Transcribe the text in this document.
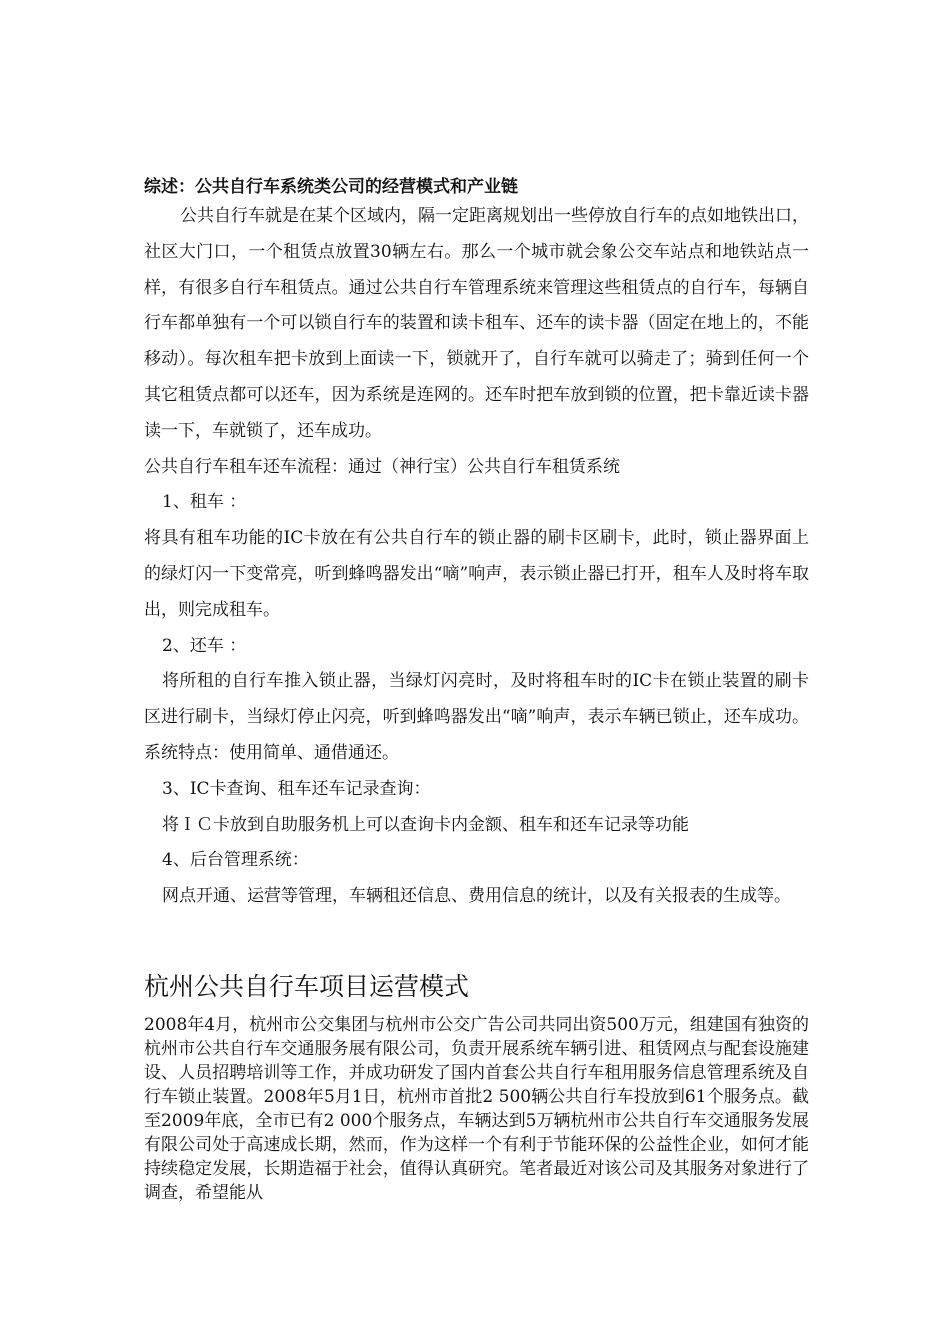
综述：公共自行车系统类公司的经营模式和产业链

公共自行车就是在某个区域内，隔一定距离规划出一些停放自行车的点如地铁出口，社区大门口，一个租赁点放置30辆左右。那么一个城市就会象公交车站点和地铁站点一样，有很多自行车租赁点。通过公共自行车管理系统来管理这些租赁点的自行车，每辆自行车都单独有一个可以锁自行车的装置和读卡租车、还车的读卡器（固定在地上的，不能移动）。每次租车把卡放到上面读一下，锁就开了，自行车就可以骑走了；骑到任何一个其它租赁点都可以还车，因为系统是连网的。还车时把车放到锁的位置，把卡靠近读卡器读一下，车就锁了，还车成功。

公共自行车租车还车流程：通过（神行宝）公共自行车租赁系统

1、租车 ：

将具有租车功能的IC卡放在有公共自行车的锁止器的刷卡区刷卡，此时，锁止器界面上的绿灯闪一下变常亮，听到蜂鸣器发出“嘀”响声，表示锁止器已打开，租车人及时将车取出，则完成租车。

2、还车 ：

将所租的自行车推入锁止器，当绿灯闪亮时，及时将租车时的IC卡在锁止装置的刷卡区进行刷卡，当绿灯停止闪亮，听到蜂鸣器发出“嘀”响声，表示车辆已锁止，还车成功。系统特点：使用简单、通借通还。

3、IC卡查询、租车还车记录查询：

将ＩＣ卡放到自助服务机上可以查询卡内金额、租车和还车记录等功能

4、后台管理系统：

网点开通、运营等管理，车辆租还信息、费用信息的统计，以及有关报表的生成等。

杭州公共自行车项目运营模式

2008年4月，杭州市公交集团与杭州市公交广告公司共同出资500万元，组建国有独资的杭州市公共自行车交通服务展有限公司，负责开展系统车辆引进、租赁网点与配套设施建设、人员招聘培训等工作，并成功研发了国内首套公共自行车租用服务信息管理系统及自行车锁止装置。2008年5月1日，杭州市首批2 500辆公共自行车投放到61个服务点。截至2009年底，全市已有2 000个服务点，车辆达到5万辆杭州市公共自行车交通服务发展有限公司处于高速成长期，然而，作为这样一个有利于节能环保的公益性企业，如何才能持续稳定发展，长期造福于社会，值得认真研究。笔者最近对该公司及其服务对象进行了调查，希望能从
